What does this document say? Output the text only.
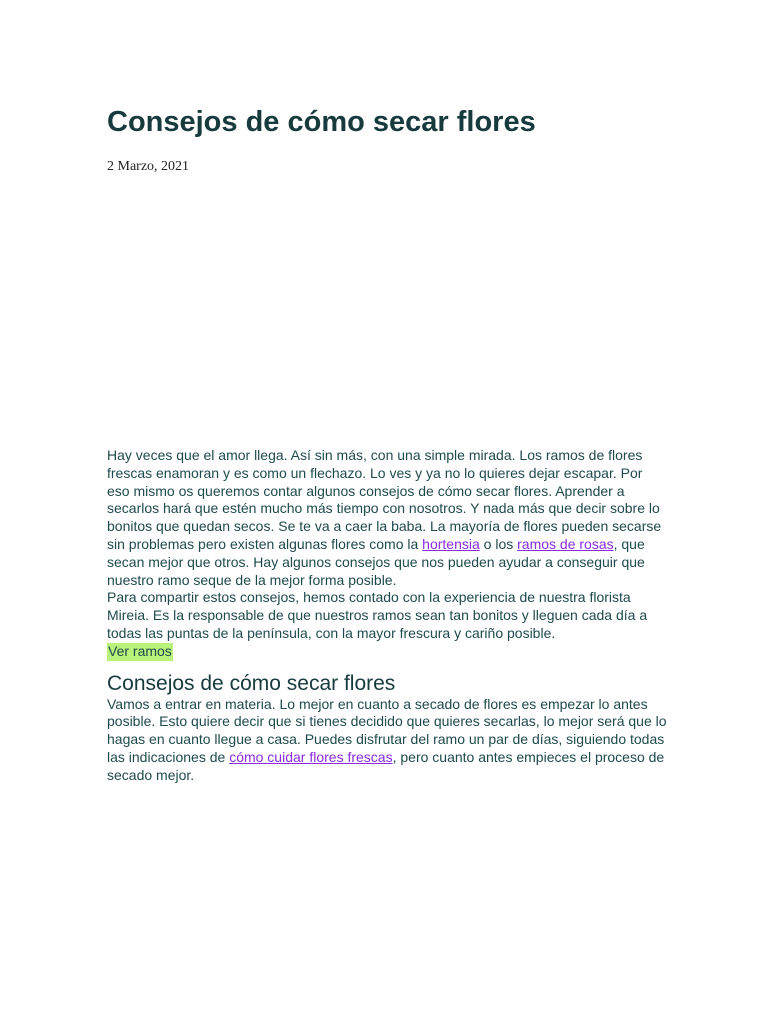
Consejos de cómo secar flores
2 Marzo, 2021

Hay veces que el amor llega. Así sin más, con una simple mirada. Los ramos de flores frescas enamoran y es como un flechazo. Lo ves y ya no lo quieres dejar escapar. Por eso mismo os queremos contar algunos consejos de cómo secar flores. Aprender a secarlos hará que estén mucho más tiempo con nosotros. Y nada más que decir sobre lo bonitos que quedan secos. Se te va a caer la baba. La mayoría de flores pueden secarse sin problemas pero existen algunas flores como la hortensia o los ramos de rosas, que secan mejor que otros. Hay algunos consejos que nos pueden ayudar a conseguir que nuestro ramo seque de la mejor forma posible.

Para compartir estos consejos, hemos contado con la experiencia de nuestra florista Mireia. Es la responsable de que nuestros ramos sean tan bonitos y lleguen cada día a todas las puntas de la península, con la mayor frescura y cariño posible.

Ver ramos

Consejos de cómo secar flores

Vamos a entrar en materia. Lo mejor en cuanto a secado de flores es empezar lo antes posible. Esto quiere decir que si tienes decidido que quieres secarlas, lo mejor será que lo hagas en cuanto llegue a casa. Puedes disfrutar del ramo un par de días, siguiendo todas las indicaciones de cómo cuidar flores frescas, pero cuanto antes empieces el proceso de secado mejor.
